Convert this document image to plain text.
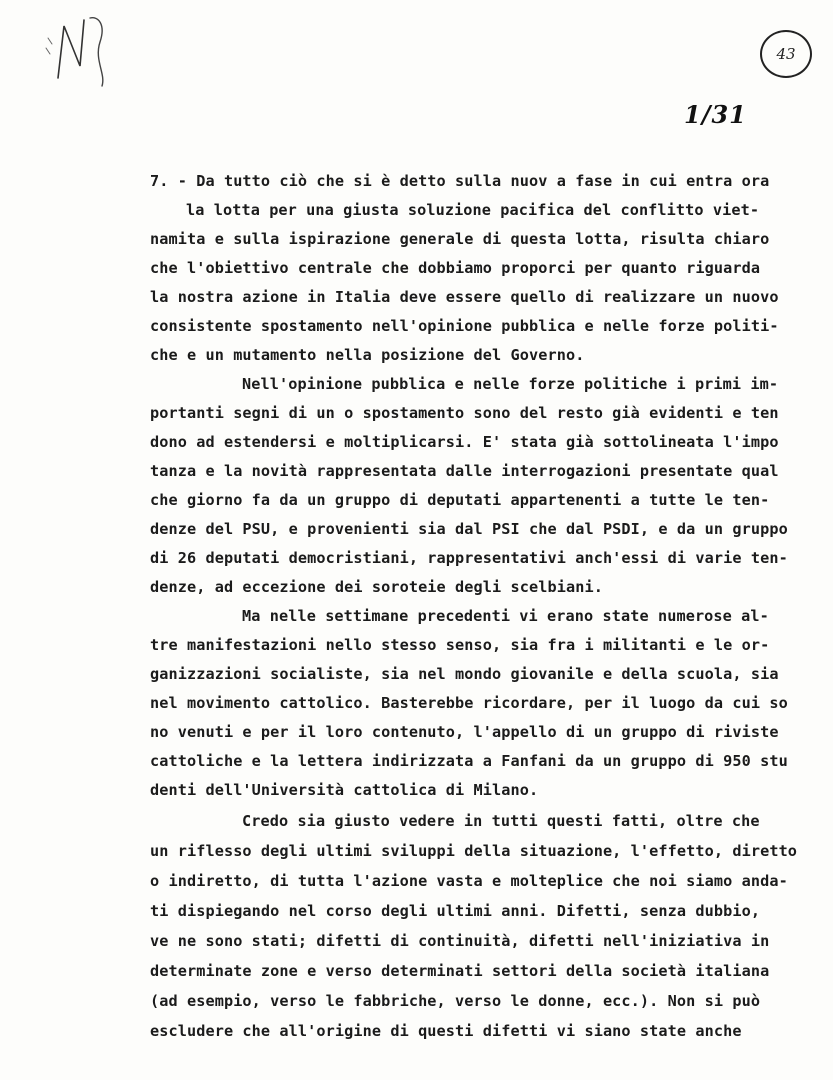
43
1/31
7. - Da tutto ciò che si è detto sulla nuov a fase in cui entra ora
la lotta per una giusta soluzione pacifica del conflitto viet-
namita e sulla ispirazione generale di questa lotta, risulta chiaro
che l'obiettivo centrale che dobbiamo proporci per quanto riguarda
la nostra azione in Italia deve essere quello di realizzare un nuovo
consistente spostamento nell'opinione pubblica e nelle forze politi-
che e un mutamento nella posizione del Governo.
Nell'opinione pubblica e nelle forze politiche i primi im-
portanti segni di un o spostamento sono del resto già evidenti e ten
dono ad estendersi e moltiplicarsi. E' stata già sottolineata l'impo
tanza e la novità rappresentata dalle interrogazioni presentate qual
che giorno fa da un gruppo di deputati appartenenti a tutte le ten-
denze del PSU, e provenienti sia dal PSI che dal PSDI, e da un gruppo
di 26 deputati democristiani, rappresentativi anch'essi di varie ten-
denze, ad eccezione dei soroteie degli scelbiani.
Ma nelle settimane precedenti vi erano state numerose al-
tre manifestazioni nello stesso senso, sia fra i militanti e le or-
ganizzazioni socialiste, sia nel mondo giovanile e della scuola, sia
nel movimento cattolico. Basterebbe ricordare, per il luogo da cui so
no venuti e per il loro contenuto, l'appello di un gruppo di riviste
cattoliche e la lettera indirizzata a Fanfani da un gruppo di 950 stu
denti dell'Università cattolica di Milano.
Credo sia giusto vedere in tutti questi fatti, oltre che
un riflesso degli ultimi sviluppi della situazione, l'effetto, diretto
o indiretto, di tutta l'azione vasta e molteplice che noi siamo anda-
ti dispiegando nel corso degli ultimi anni. Difetti, senza dubbio,
ve ne sono stati; difetti di continuità, difetti nell'iniziativa in
determinate zone e verso determinati settori della società italiana
(ad esempio, verso le fabbriche, verso le donne, ecc.). Non si può
escludere che all'origine di questi difetti vi siano state anche
